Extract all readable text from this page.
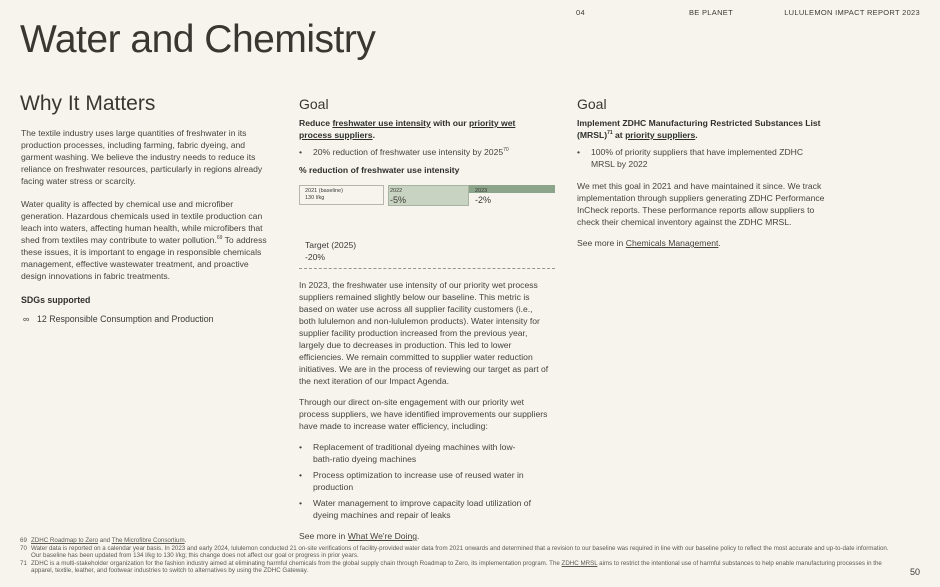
04	BE PLANET	LULULEMON IMPACT REPORT 2023
Water and Chemistry
Why It Matters

The textile industry uses large quantities of freshwater in its production processes, including farming, fabric dyeing, and garment washing. We believe the industry needs to reduce its reliance on freshwater resources, particularly in regions already facing water stress or scarcity.

Water quality is affected by chemical use and microfiber generation. Hazardous chemicals used in textile production can leach into waters, affecting human health, while microfibers that shed from textiles may contribute to water pollution.$^{69}$ To address these issues, it is important to engage in responsible chemicals management, effective wastewater treatment, and proactive design innovations in fabric treatments.

SDGs supported
∞ 12 Responsible Consumption and Production
Goal
Reduce freshwater use intensity with our priority wet process suppliers.
•	20% reduction of freshwater use intensity by 2025$^{70}$
% reduction of freshwater use intensity
2021 (baseline)
130 l/kg
2022
-5%
2023
-2%
Target (2025)
-20%

In 2023, the freshwater use intensity of our priority wet process suppliers remained slightly below our baseline. This metric is based on water use across all supplier facility customers (i.e., both lululemon and non-lululemon products). Water intensity for supplier facility production increased from the previous year, largely due to decreases in production. This led to lower efficiencies. We remain committed to supplier water reduction initiatives. We are in the process of reviewing our target as part of the next iteration of our Impact Agenda.

Through our direct on-site engagement with our priority wet process suppliers, we have identified improvements our suppliers have made to increase water efficiency, including:

•	Replacement of traditional dyeing machines with low-bath-ratio dyeing machines
•	Process optimization to increase use of reused water in production
•	Water management to improve capacity load utilization of dyeing machines and repair of leaks

See more in What We're Doing.

Goal
Implement ZDHC Manufacturing Restricted Substances List (MRSL)$^{71}$ at priority suppliers.
•	100% of priority suppliers that have implemented ZDHC MRSL by 2022

We met this goal in 2021 and have maintained it since. We track implementation through suppliers generating ZDHC Performance InCheck reports. These performance reports allow suppliers to check their chemical inventory against the ZDHC MRSL.

See more in Chemicals Management.

69 ZDHC Roadmap to Zero and The Microfibre Consortium.
70 Water data is reported on a calendar year basis. In 2023 and early 2024, lululemon conducted 21 on-site verifications of facility-provided water data from 2021 onwards and determined that a revision to our baseline was required in line with our baseline policy to reflect the most accurate and up-to-date information. Our baseline has been updated from 134 l/kg to 130 l/kg; this change does not affect our goal or progress in prior years.
71 ZDHC is a multi-stakeholder organization for the fashion industry aimed at eliminating harmful chemicals from the global supply chain through Roadmap to Zero, its implementation program. The ZDHC MRSL aims to restrict the intentional use of harmful substances to help enable manufacturing processes in the apparel, textile, leather, and footwear industries to switch to alternatives by using the ZDHC Gateway.	50
